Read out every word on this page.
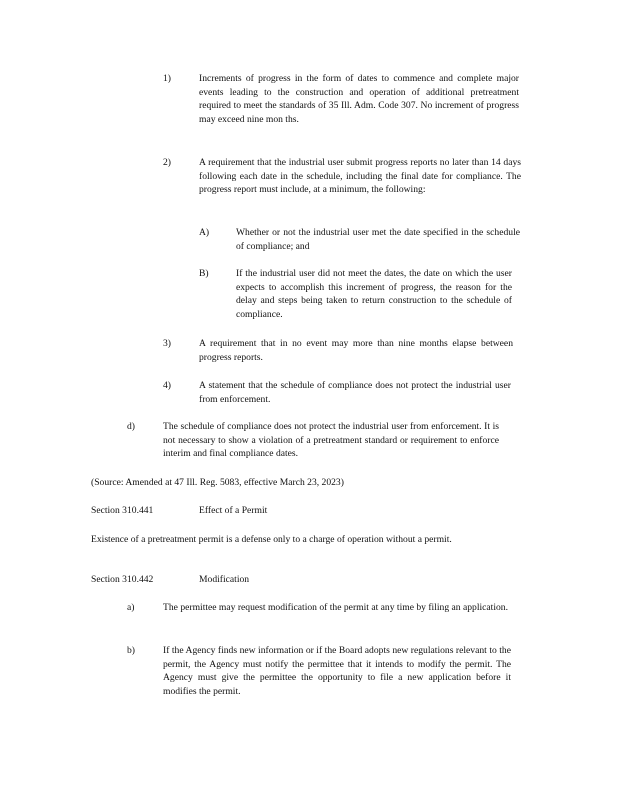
1)	Increments of progress in the form of dates to commence and complete major events leading to the construction and operation of additional pretreatment required to meet the standards of 35 Ill. Adm. Code 307. No increment of progress may exceed nine mon ths.
2)	A requirement that the industrial user submit progress reports no later than 14 days following each date in the schedule, including the final date for compliance. The progress report must include, at a minimum, the following:
A)	Whether or not the industrial user met the date specified in the schedule of compliance; and
B)	If the industrial user did not meet the dates, the date on which the user expects to accomplish this increment of progress, the reason for the delay and steps being taken to return construction to the schedule of compliance.
3)	A requirement that in no event may more than nine months elapse between progress reports.
4)	A statement that the schedule of compliance does not protect the industrial user from enforcement.
d)	The schedule of compliance does not protect the industrial user from enforcement. It is not necessary to show a violation of a pretreatment standard or requirement to enforce interim and final compliance dates.
(Source: Amended at 47 Ill. Reg. 5083, effective March 23, 2023)
Section 310.441	Effect of a Permit
Existence of a pretreatment permit is a defense only to a charge of operation without a permit.
Section 310.442	Modification
a)	The permittee may request modification of the permit at any time by filing an application.
b)	If the Agency finds new information or if the Board adopts new regulations relevant to the permit, the Agency must notify the permittee that it intends to modify the permit. The Agency must give the permittee the opportunity to file a new application before it modifies the permit.
